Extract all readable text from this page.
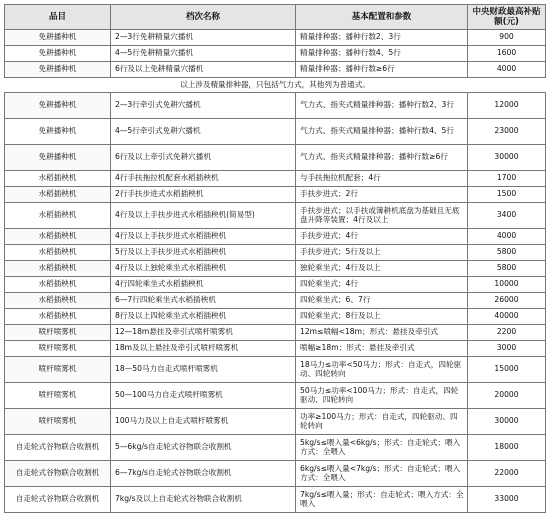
品目	档次名称	基本配置和参数	中央财政最高补贴额(元)
免耕播种机	2—3行免耕精量穴播机	精量排种器；播种行数2、3行	900
免耕播种机	4—5行免耕精量穴播机	精量排种器；播种行数4、5行	1600
免耕播种机	6行及以上免耕精量穴播机	精量排种器；播种行数≥6行	4000
以上涉及精量排种器，只包括气力式，其他列为普通式。			
免耕播种机	2—3行牵引式免耕穴播机	气力式、指夹式精量排种器；播种行数2、3行	12000
免耕播种机	4—5行牵引式免耕穴播机	气力式、指夹式精量排种器；播种行数4、5行	23000
免耕播种机	6行及以上牵引式免耕穴播机	气力式、指夹式精量排种器；播种行数≥6行	30000
水稻插秧机	4行手扶拖拉机配套水稻插秧机	与手扶拖拉机配套；4行	1700
水稻插秧机	2行手扶步进式水稻插秧机	手扶步进式；2行	1500
水稻插秧机	4行及以上手扶步进式水稻插秧机(简易型)	手扶步进式；以手扶或簿耕机底盘为基础且无底盘升降等装置；4行及以上	3400
水稻插秧机	4行及以上手扶步进式水稻插秧机	手扶步进式；4行	4000
水稻插秧机	5行及以上手扶步进式水稻插秧机	手扶步进式；5行及以上	5800
水稻插秧机	4行及以上独轮乘坐式水稻插秧机	独轮乘坐式；4行及以上	5800
水稻插秧机	4行四轮乘坐式水稻插秧机	四轮乘坐式；4行	10000
水稻插秧机	6—7行四轮乘坐式水稻插秧机	四轮乘坐式；6、7行	26000
水稻插秧机	8行及以上四轮乘坐式水稻插秧机	四轮乘坐式；8行及以上	40000
喷杆喷雾机	12—18m悬挂及牵引式喷杆喷雾机	12m≤喷幅<18m；形式：悬挂及牵引式	2200
喷杆喷雾机	18m及以上悬挂及牵引式喷杆喷雾机	喷幅≥18m；形式：悬挂及牵引式	3000
喷杆喷雾机	18—50马力自走式喷杆喷雾机	18马力≤功率<50马力；形式：自走式，四轮驱动、四轮转向	15000
喷杆喷雾机	50—100马力自走式喷杆喷雾机	50马力≤功率<100马力；形式：自走式，四轮驱动、四轮转向	20000
喷杆喷雾机	100马力及以上自走式喷杆喷雾机	功率≥100马力；形式：自走式，四轮驱动、四轮转向	30000
自走轮式谷物联合收割机	5—6kg/s自走轮式谷物联合收割机	5kg/s≤喂入量<6kg/s；形式：自走轮式；喂入方式：全喂入	18000
自走轮式谷物联合收割机	6—7kg/s自走轮式谷物联合收割机	6kg/s≤喂入量<7kg/s；形式：自走轮式；喂入方式：全喂入	22000
自走轮式谷物联合收割机	7kg/s及以上自走轮式谷物联合收割机	7kg/s≤喂入量；形式：自走轮式；喂入方式：全喂入	33000
